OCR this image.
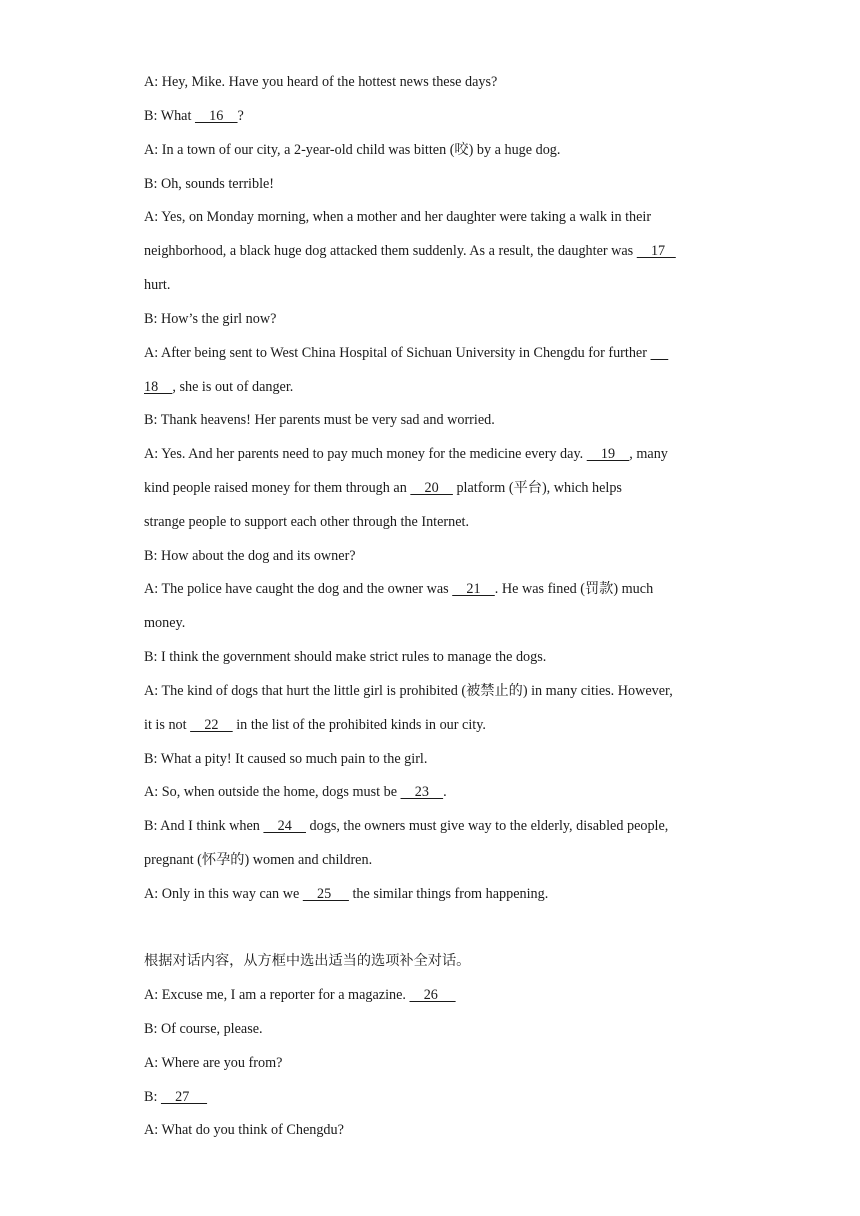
A: Hey, Mike. Have you heard of the hottest news these days?
B: What     16    ?
A: In a town of our city, a 2-year-old child was bitten (咬) by a huge dog.
B: Oh, sounds terrible!
A: Yes, on Monday morning, when a mother and her daughter were taking a walk in their
neighborhood, a black huge dog attacked them suddenly. As a result, the daughter was     17
hurt.
B: How’s the girl now?
A: After being sent to West China Hospital of Sichuan University in Chengdu for further
18    , she is out of danger.
B: Thank heavens! Her parents must be very sad and worried.
A: Yes. And her parents need to pay much money for the medicine every day.     19    , many
kind people raised money for them through an     20     platform (平台), which helps
strange people to support each other through the Internet.
B: How about the dog and its owner?
A: The police have caught the dog and the owner was     21    . He was fined (罚款) much
money.
B: I think the government should make strict rules to manage the dogs.
A: The kind of dogs that hurt the little girl is prohibited (被禁止的) in many cities. However,
it is not     22     in the list of the prohibited kinds in our city.
B: What a pity! It caused so much pain to the girl.
A: So, when outside the home, dogs must be     23    .
B: And I think when     24     dogs, the owners must give way to the elderly, disabled people,
pregnant (怀孕的) women and children.
A: Only in this way can we     25      the similar things from happening.
根据对话内容，从方框中选出适当的选项补全对话。
A: Excuse me, I am a reporter for a magazine.     26
B: Of course, please.
A: Where are you from?
B:     27
A: What do you think of Chengdu?
